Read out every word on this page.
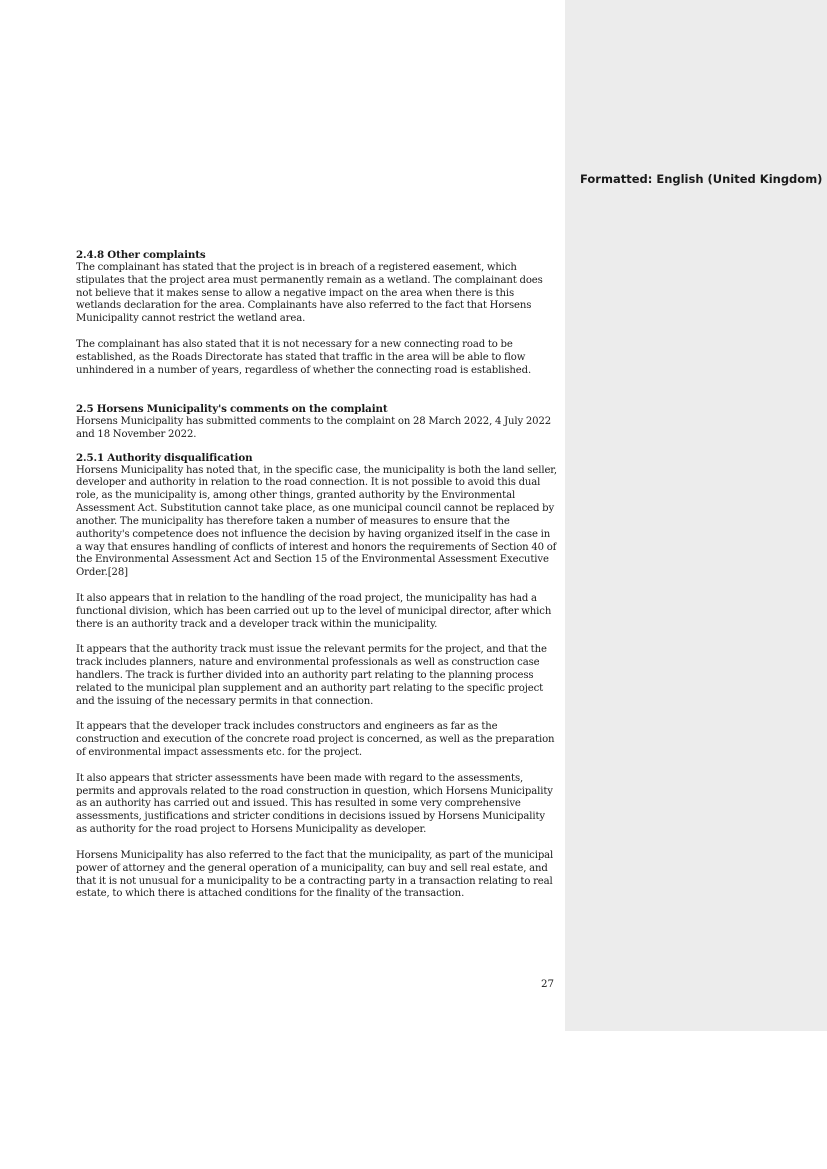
Formatted: English (United Kingdom)
2.4.8 Other complaints

The complainant has stated that the project is in breach of a registered easement, which stipulates that the project area must permanently remain as a wetland. The complainant does not believe that it makes sense to allow a negative impact on the area when there is this wetlands declaration for the area. Complainants have also referred to the fact that Horsens Municipality cannot restrict the wetland area.

The complainant has also stated that it is not necessary for a new connecting road to be established, as the Roads Directorate has stated that traffic in the area will be able to flow unhindered in a number of years, regardless of whether the connecting road is established.

2.5 Horsens Municipality's comments on the complaint

Horsens Municipality has submitted comments to the complaint on 28 March 2022, 4 July 2022 and 18 November 2022.

2.5.1 Authority disqualification

Horsens Municipality has noted that, in the specific case, the municipality is both the land seller, developer and authority in relation to the road connection. It is not possible to avoid this dual role, as the municipality is, among other things, granted authority by the Environmental Assessment Act. Substitution cannot take place, as one municipal council cannot be replaced by another. The municipality has therefore taken a number of measures to ensure that the authority's competence does not influence the decision by having organized itself in the case in a way that ensures handling of conflicts of interest and honors the requirements of Section 40 of the Environmental Assessment Act and Section 15 of the Environmental Assessment Executive Order.[28]

It also appears that in relation to the handling of the road project, the municipality has had a functional division, which has been carried out up to the level of municipal director, after which there is an authority track and a developer track within the municipality.

It appears that the authority track must issue the relevant permits for the project, and that the track includes planners, nature and environmental professionals as well as construction case handlers. The track is further divided into an authority part relating to the planning process related to the municipal plan supplement and an authority part relating to the specific project and the issuing of the necessary permits in that connection.

It appears that the developer track includes constructors and engineers as far as the construction and execution of the concrete road project is concerned, as well as the preparation of environmental impact assessments etc. for the project.

It also appears that stricter assessments have been made with regard to the assessments, permits and approvals related to the road construction in question, which Horsens Municipality as an authority has carried out and issued. This has resulted in some very comprehensive assessments, justifications and stricter conditions in decisions issued by Horsens Municipality as authority for the road project to Horsens Municipality as developer.

Horsens Municipality has also referred to the fact that the municipality, as part of the municipal power of attorney and the general operation of a municipality, can buy and sell real estate, and that it is not unusual for a municipality to be a contracting party in a transaction relating to real estate, to which there is attached conditions for the finality of the transaction.

27
